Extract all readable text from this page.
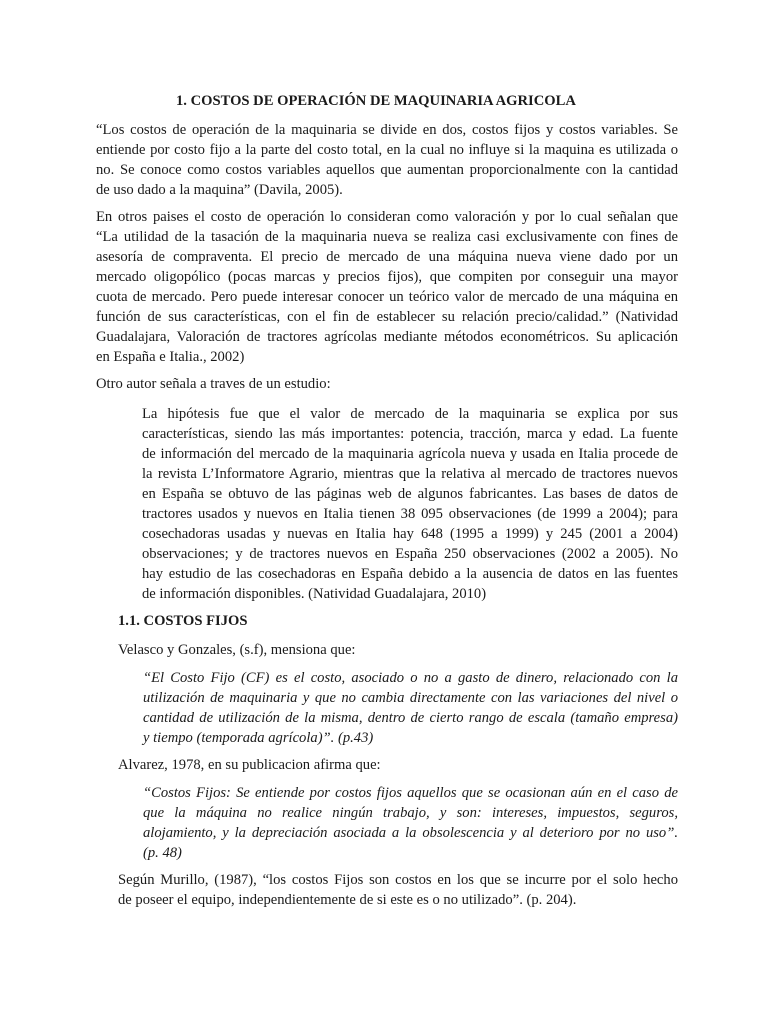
1. COSTOS DE OPERACIÓN DE MAQUINARIA AGRICOLA
“Los costos de operación de la maquinaria se divide en dos, costos fijos y costos variables. Se
entiende por costo fijo a la parte del costo total, en la cual no influye si la maquina es utilizada o
no. Se conoce como costos variables aquellos que aumentan proporcionalmente con la cantidad
de uso dado a la maquina” (Davila, 2005).
En otros paises el costo de operación lo consideran como valoración y por lo cual señalan que
“La utilidad de la tasación de la maquinaria nueva se realiza casi exclusivamente con fines de
asesoría de compraventa. El precio de mercado de una máquina nueva viene dado por un
mercado oligopólico (pocas marcas y precios fijos), que compiten por conseguir una mayor
cuota de mercado. Pero puede interesar conocer un teórico valor de mercado de una máquina en
función de sus características, con el fin de establecer su relación precio/calidad.” (Natividad
Guadalajara, Valoración de tractores agrícolas mediante métodos econométricos. Su aplicación
en España e Italia., 2002)
Otro autor señala a traves de un estudio:
La hipótesis fue que el valor de mercado de la maquinaria se explica por sus
características, siendo las más importantes: potencia, tracción, marca y edad. La fuente
de información del mercado de la maquinaria agrícola nueva y usada en Italia procede de
la revista L’Informatore Agrario, mientras que la relativa al mercado de tractores nuevos
en España se obtuvo de las páginas web de algunos fabricantes. Las bases de datos de
tractores usados y nuevos en Italia tienen 38 095 observaciones (de 1999 a 2004); para
cosechadoras usadas y nuevas en Italia hay 648 (1995 a 1999) y 245 (2001 a 2004)
observaciones; y de tractores nuevos en España 250 observaciones (2002 a 2005). No
hay estudio de las cosechadoras en España debido a la ausencia de datos en las fuentes
de información disponibles. (Natividad Guadalajara, 2010)
1.1. COSTOS FIJOS
Velasco y Gonzales, (s.f), mensiona que:
“El Costo Fijo (CF) es el costo, asociado o no a gasto de dinero, relacionado con la
utilización de maquinaria y que no cambia directamente con las variaciones del nivel o
cantidad de utilización de la misma, dentro de cierto rango de escala (tamaño empresa)
y tiempo (temporada agrícola)”. (p.43)
Alvarez, 1978, en su publicacion afirma que:
“Costos Fijos: Se entiende por costos fijos aquellos que se ocasionan aún en el caso de
que la máquina no realice ningún trabajo, y son: intereses, impuestos, seguros,
alojamiento, y la depreciación asociada a la obsolescencia y al deterioro por no uso”.
(p. 48)
Según Murillo, (1987), “los costos Fijos son costos en los que se incurre por el solo hecho
de poseer el equipo, independientemente de si este es o no utilizado”. (p. 204).
